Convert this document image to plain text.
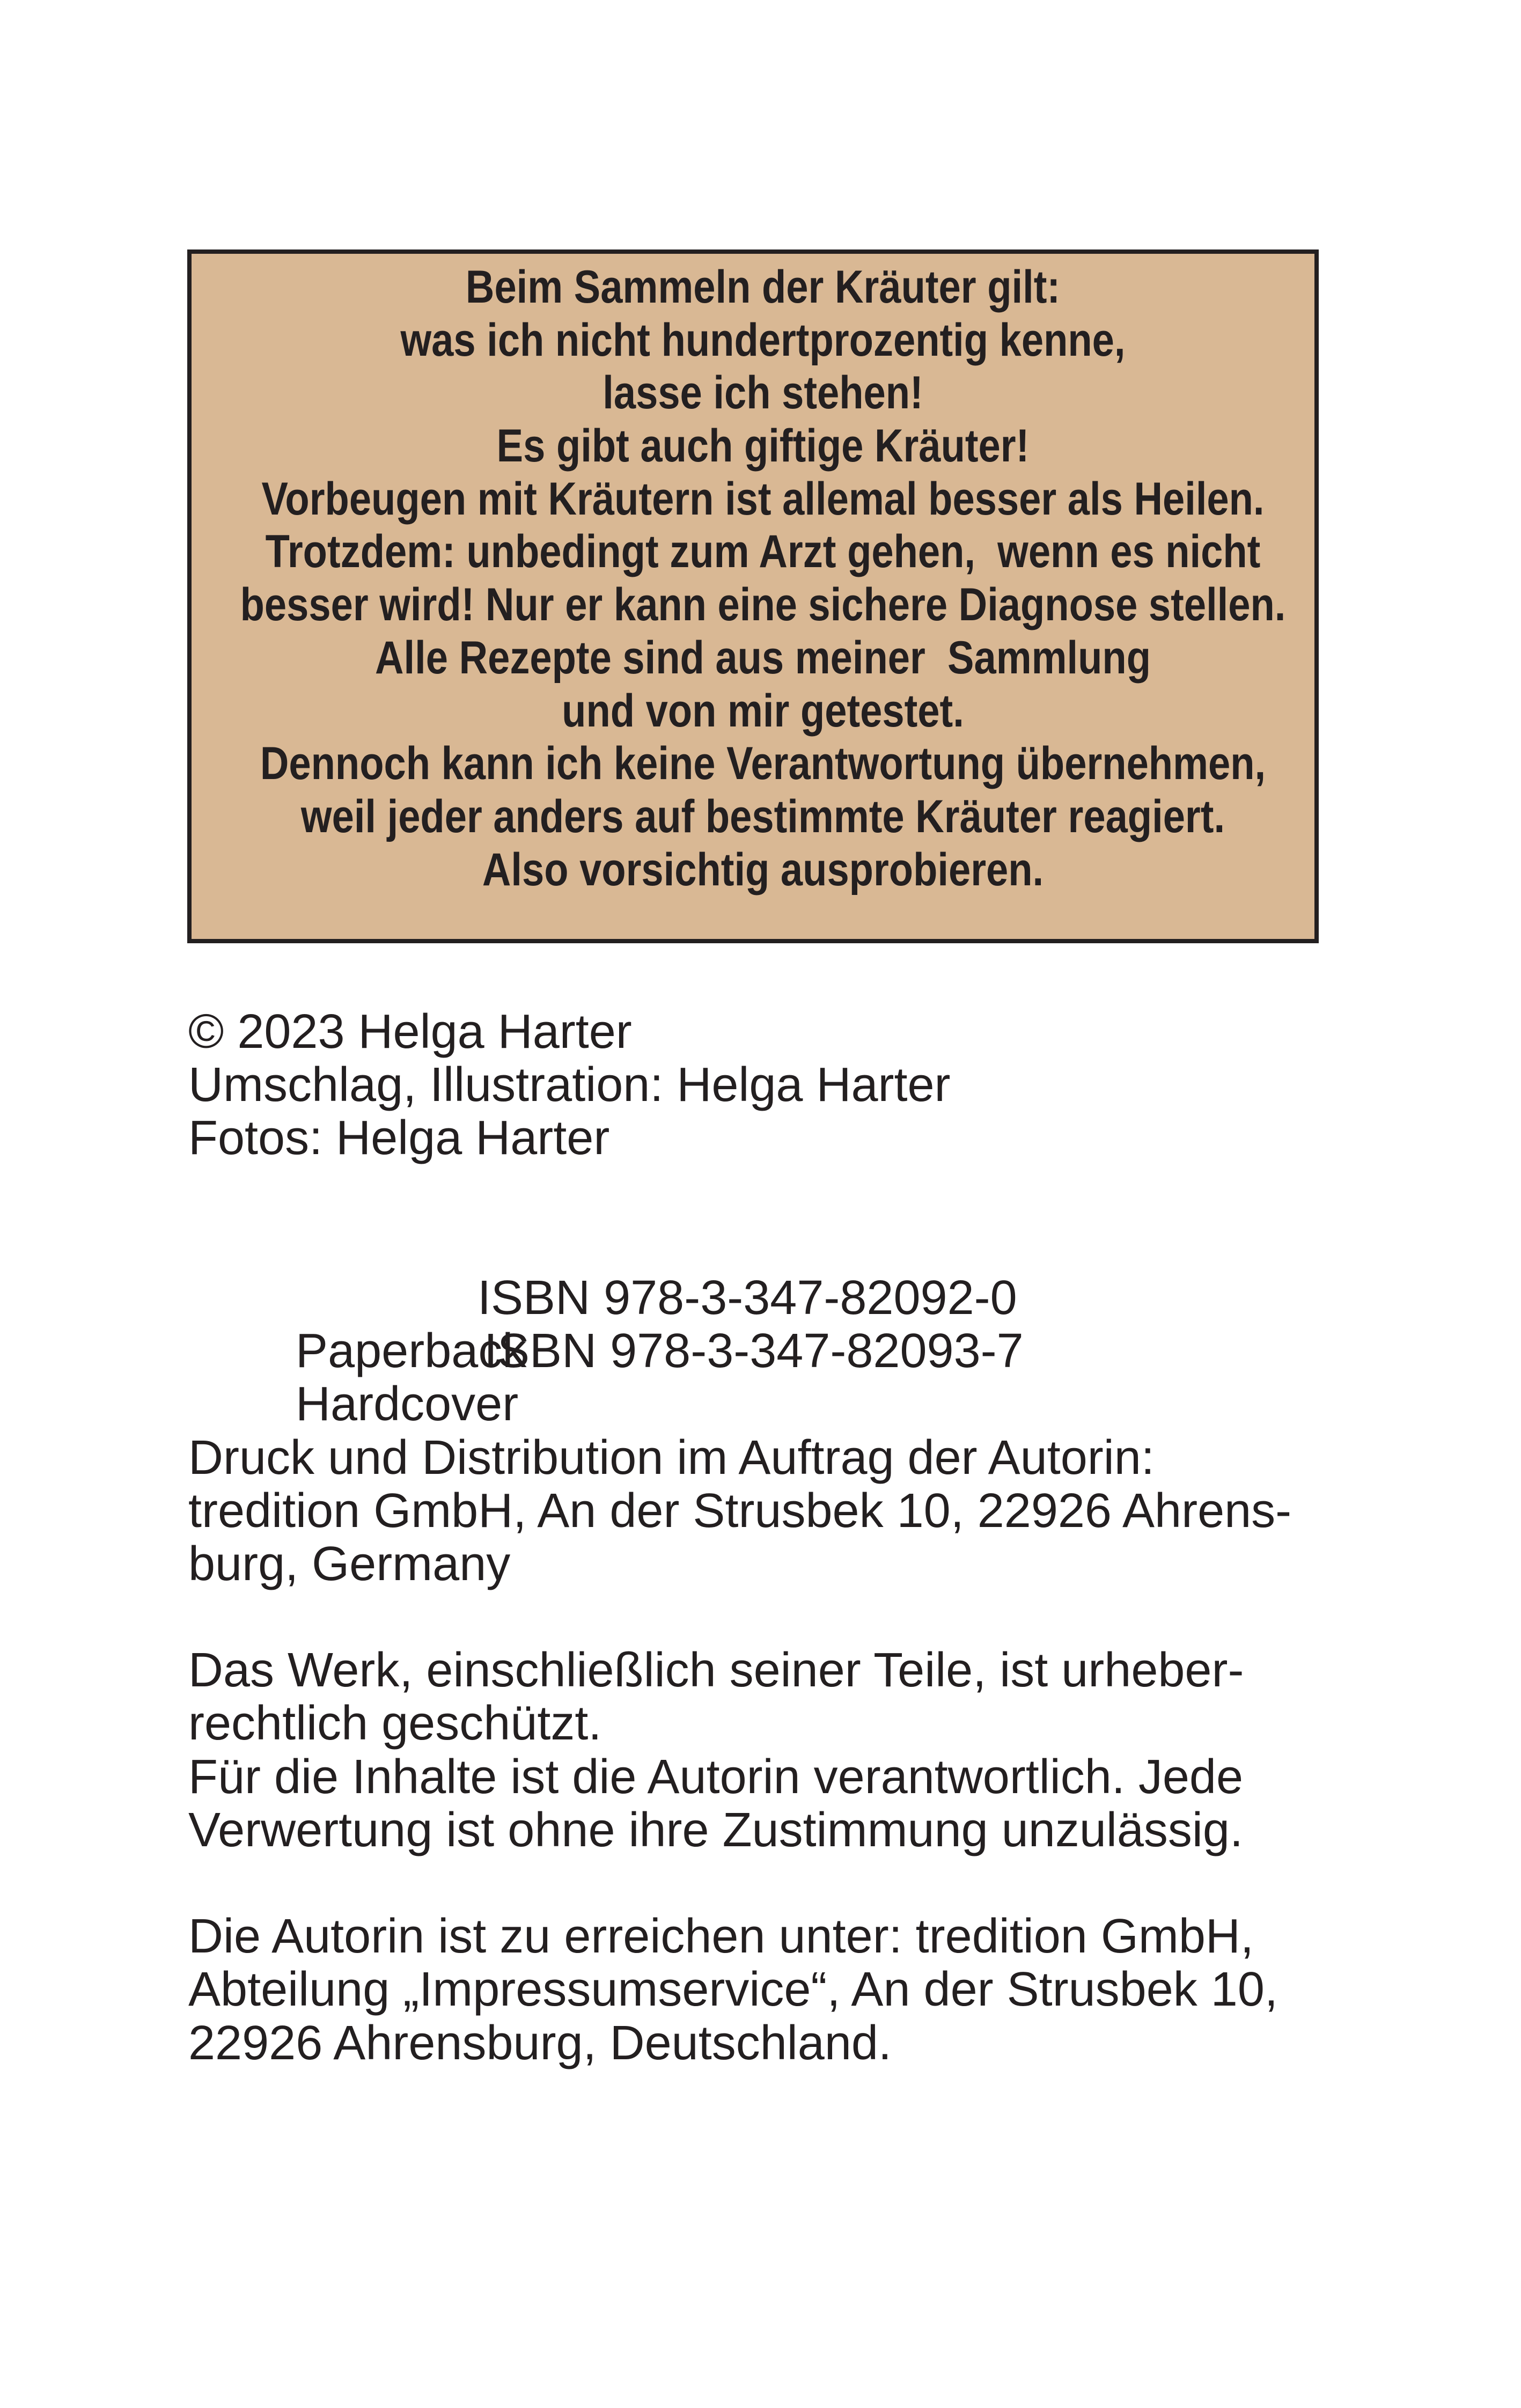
Beim Sammeln der Kräuter gilt:
was ich nicht hundertprozentig kenne,
lasse ich stehen!
Es gibt auch giftige Kräuter!
Vorbeugen mit Kräutern ist allemal besser als Heilen.
Trotzdem: unbedingt zum Arzt gehen,  wenn es nicht
besser wird! Nur er kann eine sichere Diagnose stellen.
Alle Rezepte sind aus meiner  Sammlung
und von mir getestet.
Dennoch kann ich keine Verantwortung übernehmen,
weil jeder anders auf bestimmte Kräuter reagiert.
Also vorsichtig ausprobieren.
© 2023 Helga Harter
Umschlag, Illustration: Helga Harter
Fotos: Helga Harter

Paperback

ISBN 978-3-347-82092-0

Hardcover

ISBN 978-3-347-82093-7

Druck und Distribution im Auftrag der Autorin:
tredition GmbH, An der Strusbek 10, 22926 Ahrens-
burg, Germany
Das Werk, einschließlich seiner Teile, ist urheber-
rechtlich geschützt.
Für die Inhalte ist die Autorin verantwortlich. Jede
Verwertung ist ohne ihre Zustimmung unzulässig.
Die Autorin ist zu erreichen unter: tredition GmbH,
Abteilung „Impressumservice“, An der Strusbek 10,
22926 Ahrensburg, Deutschland.
